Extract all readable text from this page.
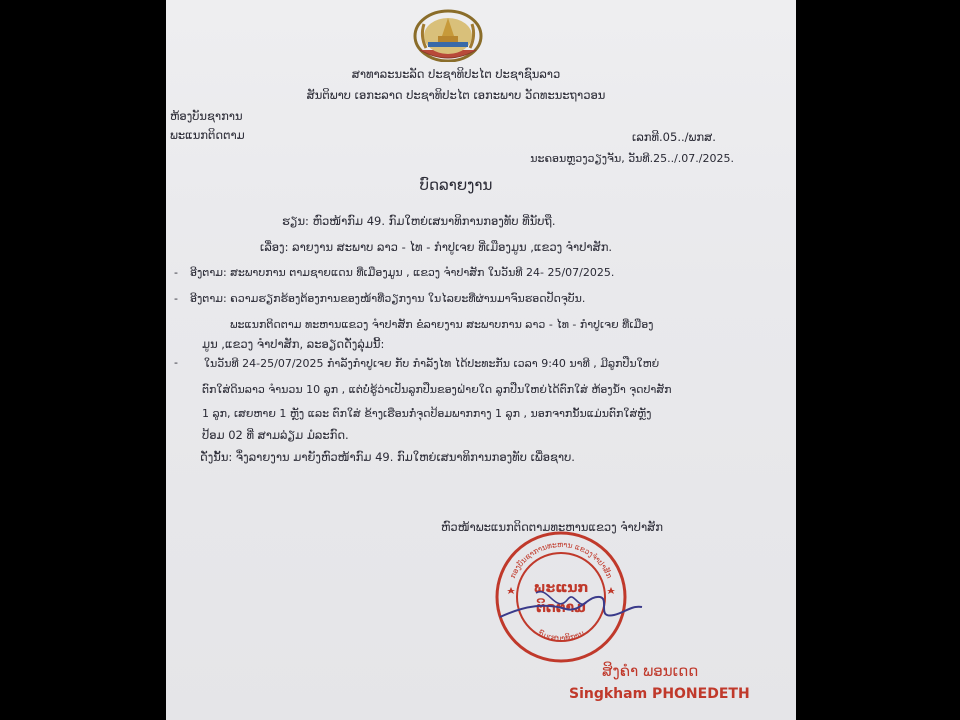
ສາທາລະນະລັດ ປະຊາທິປະໄຕ ປະຊາຊົນລາວ
ສັນຕິພາບ ເອກະລາດ ປະຊາທິປະໄຕ ເອກະພາບ ວັດທະນະຖາວອນ
ຫ້ອງບັນຊາການ
ພະແນກຕິດຕາມ	ເລກທີ.05../ພກສ.
ນະຄອນຫຼວງວຽງຈັນ, ວັນທີ.25../.07./2025.
ບົດລາຍງານ
ຮຽນ: ຫົວໜ້າກົມ 49. ກົມໃຫຍ່ເສນາທິການກອງທັບ ທີ່ນັບຖື.
ເລື່ອງ: ລາຍງານ ສະພາບ ລາວ - ໄທ - ກຳປູເຈຍ ທີ່ເມືອງມູນ ,ແຂວງ ຈຳປາສັກ.
- ອີງຕາມ: ສະພາບການ ຕາມຊາຍແດນ ທີ່ເມືອງມູນ , ແຂວງ ຈຳປາສັກ ໃນວັນທີ 24- 25/07/2025.
- ອີງຕາມ: ຄວາມຮຽກຮ້ອງຕ້ອງການຂອງໜ້າທີ່ວຽກງານ ໃນໄລຍະທີ່ຜ່ານມາຈົນຮອດປັດຈຸບັນ.
ພະແນກຕິດຕາມ ທະຫານແຂວງ ຈຳປາສັກ ຂໍລາຍງານ ສະພາບການ ລາວ - ໄທ - ກຳປູເຈຍ ທີ່ເມືອງ
ມູນ ,ແຂວງ ຈຳປາສັກ, ລະອຽດດັ່ງລຸ່ມນີ້:
- ໃນວັນທີ 24-25/07/2025 ກຳລັງກຳປູເຈຍ ກັບ ກຳລັງໄທ ໄດ້ປະທະກັນ ເວລາ 9:40 ນາທີ , ມີລູກປືນໃຫຍ່
ຕົກໃສ່ດິນລາວ ຈຳນວນ 10 ລູກ , ແຕ່ບໍ່ຮູ້ວ່າເປັນລູກປືນຂອງຝ່າຍໃດ ລູກປືນໃຫຍ່ໄດ້ຕົກໃສ່ ຫ້ອງນໍ້າ ຈຸດປາສັກ
1 ລູກ, ເສຍຫາຍ 1 ຫຼັງ ແລະ ຕົກໃສ່ ຂ້າງເຮືອນກໍ່ຈຸດປ້ອມພາກກາງ 1 ລູກ , ນອກຈາກນັ້ນແມ່ນຕົກໃສ່ຫຼັງ
ປ້ອມ 02 ທີ່ ສາມລ່ຽມ ມໍລະກົດ.
ດັ່ງນັ້ນ: ຈຶ່ງລາຍງານ ມາຍັງຫົວໜ້າກົມ 49. ກົມໃຫຍ່ເສນາທິການກອງທັບ ເພື່ອຊາບ.
ຫົວໜ້າພະແນກຕິດຕາມທະຫານແຂວງ ຈຳປາສັກ
ກອງບັນຊາການທະຫານ ແຂວງຈຳປາສັກ
ກົມເສນາທິການ
ພະແນກ
ຕິດຕາມ
ສິງຄຳ ພອນເດດ
Singkham PHONEDETH
